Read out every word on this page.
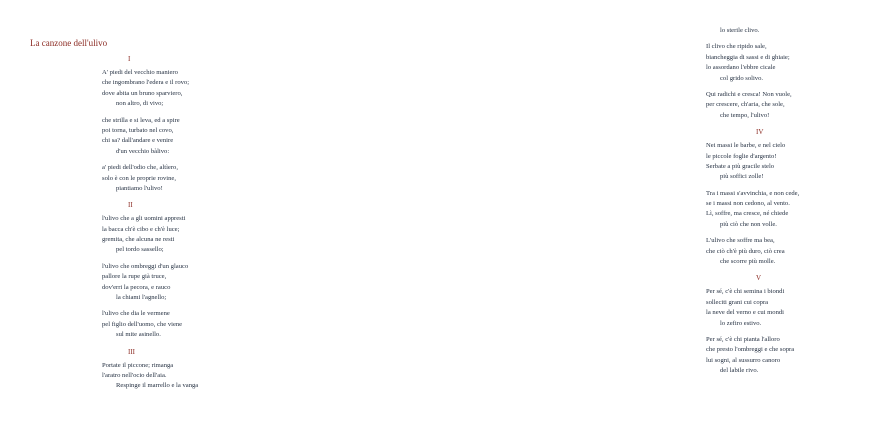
La canzone dell'ulivo
I
A' piedi del vecchio maniero
che ingombrano l'edera e il rovo;
dove abita un bruno sparviero,
non altro, di vivo;
che strilla e si leva, ed a spire
poi torna, turbato nel covo,
chi sa? dall'andare e venire
d'un vecchio bàlivo:
a' piedi dell'odio che, altìero,
solo è con le proprie rovine,
piantiamo l'ulivo!
II
l'ulivo che a gli uomini appresti
la bacca ch'è cibo e ch'è luce;
gremita, che alcuna ne resti
pel tordo sassello;
l'ulivo che ombreggi d'un glauco
pallore la rupe già truce,
dov'erri la pecora, e rauco
la chiami l'agnello;
l'ulivo che dia le vermene
pel figlio dell'uomo, che viene
sul mite asinello.
III
Portate il piccone; rimanga
l'aratro nell'ocio dell'aia.
Respinge il marrello e la vanga
lo sterile clivo.
Il clivo che ripido sale,
biancheggia di sassi e di ghiaie;
lo assordano l'ebbre cicale
col grido solivo.
Qui radichi e cresca! Non vuole,
per crescere, ch'aria, che sole,
che tempo, l'ulivo!
IV
Nei massi le barbe, e nel cielo
le piccole foglie d'argento!
Serbate a più gracile stelo
più soffici zolle!
Tra i massi s'avvinchia, e non cede,
se i massi non cedono, al vento.
Lì, soffre, ma cresce, né chiede
più ciò che non volle.
L'ulivo che soffre ma bea,
che ciò ch'è più duro, ciò crea
che scorre più molle.
V
Per sé, c'è chi semina i biondi
solleciti grani cui copra
la neve del verno e cui mondi
lo zefiro estivo.
Per sé, c'è chi pianta l'alloro
che presto l'ombreggi e che sopra
lui sogni, al sussurro canoro
del labile rivo.
